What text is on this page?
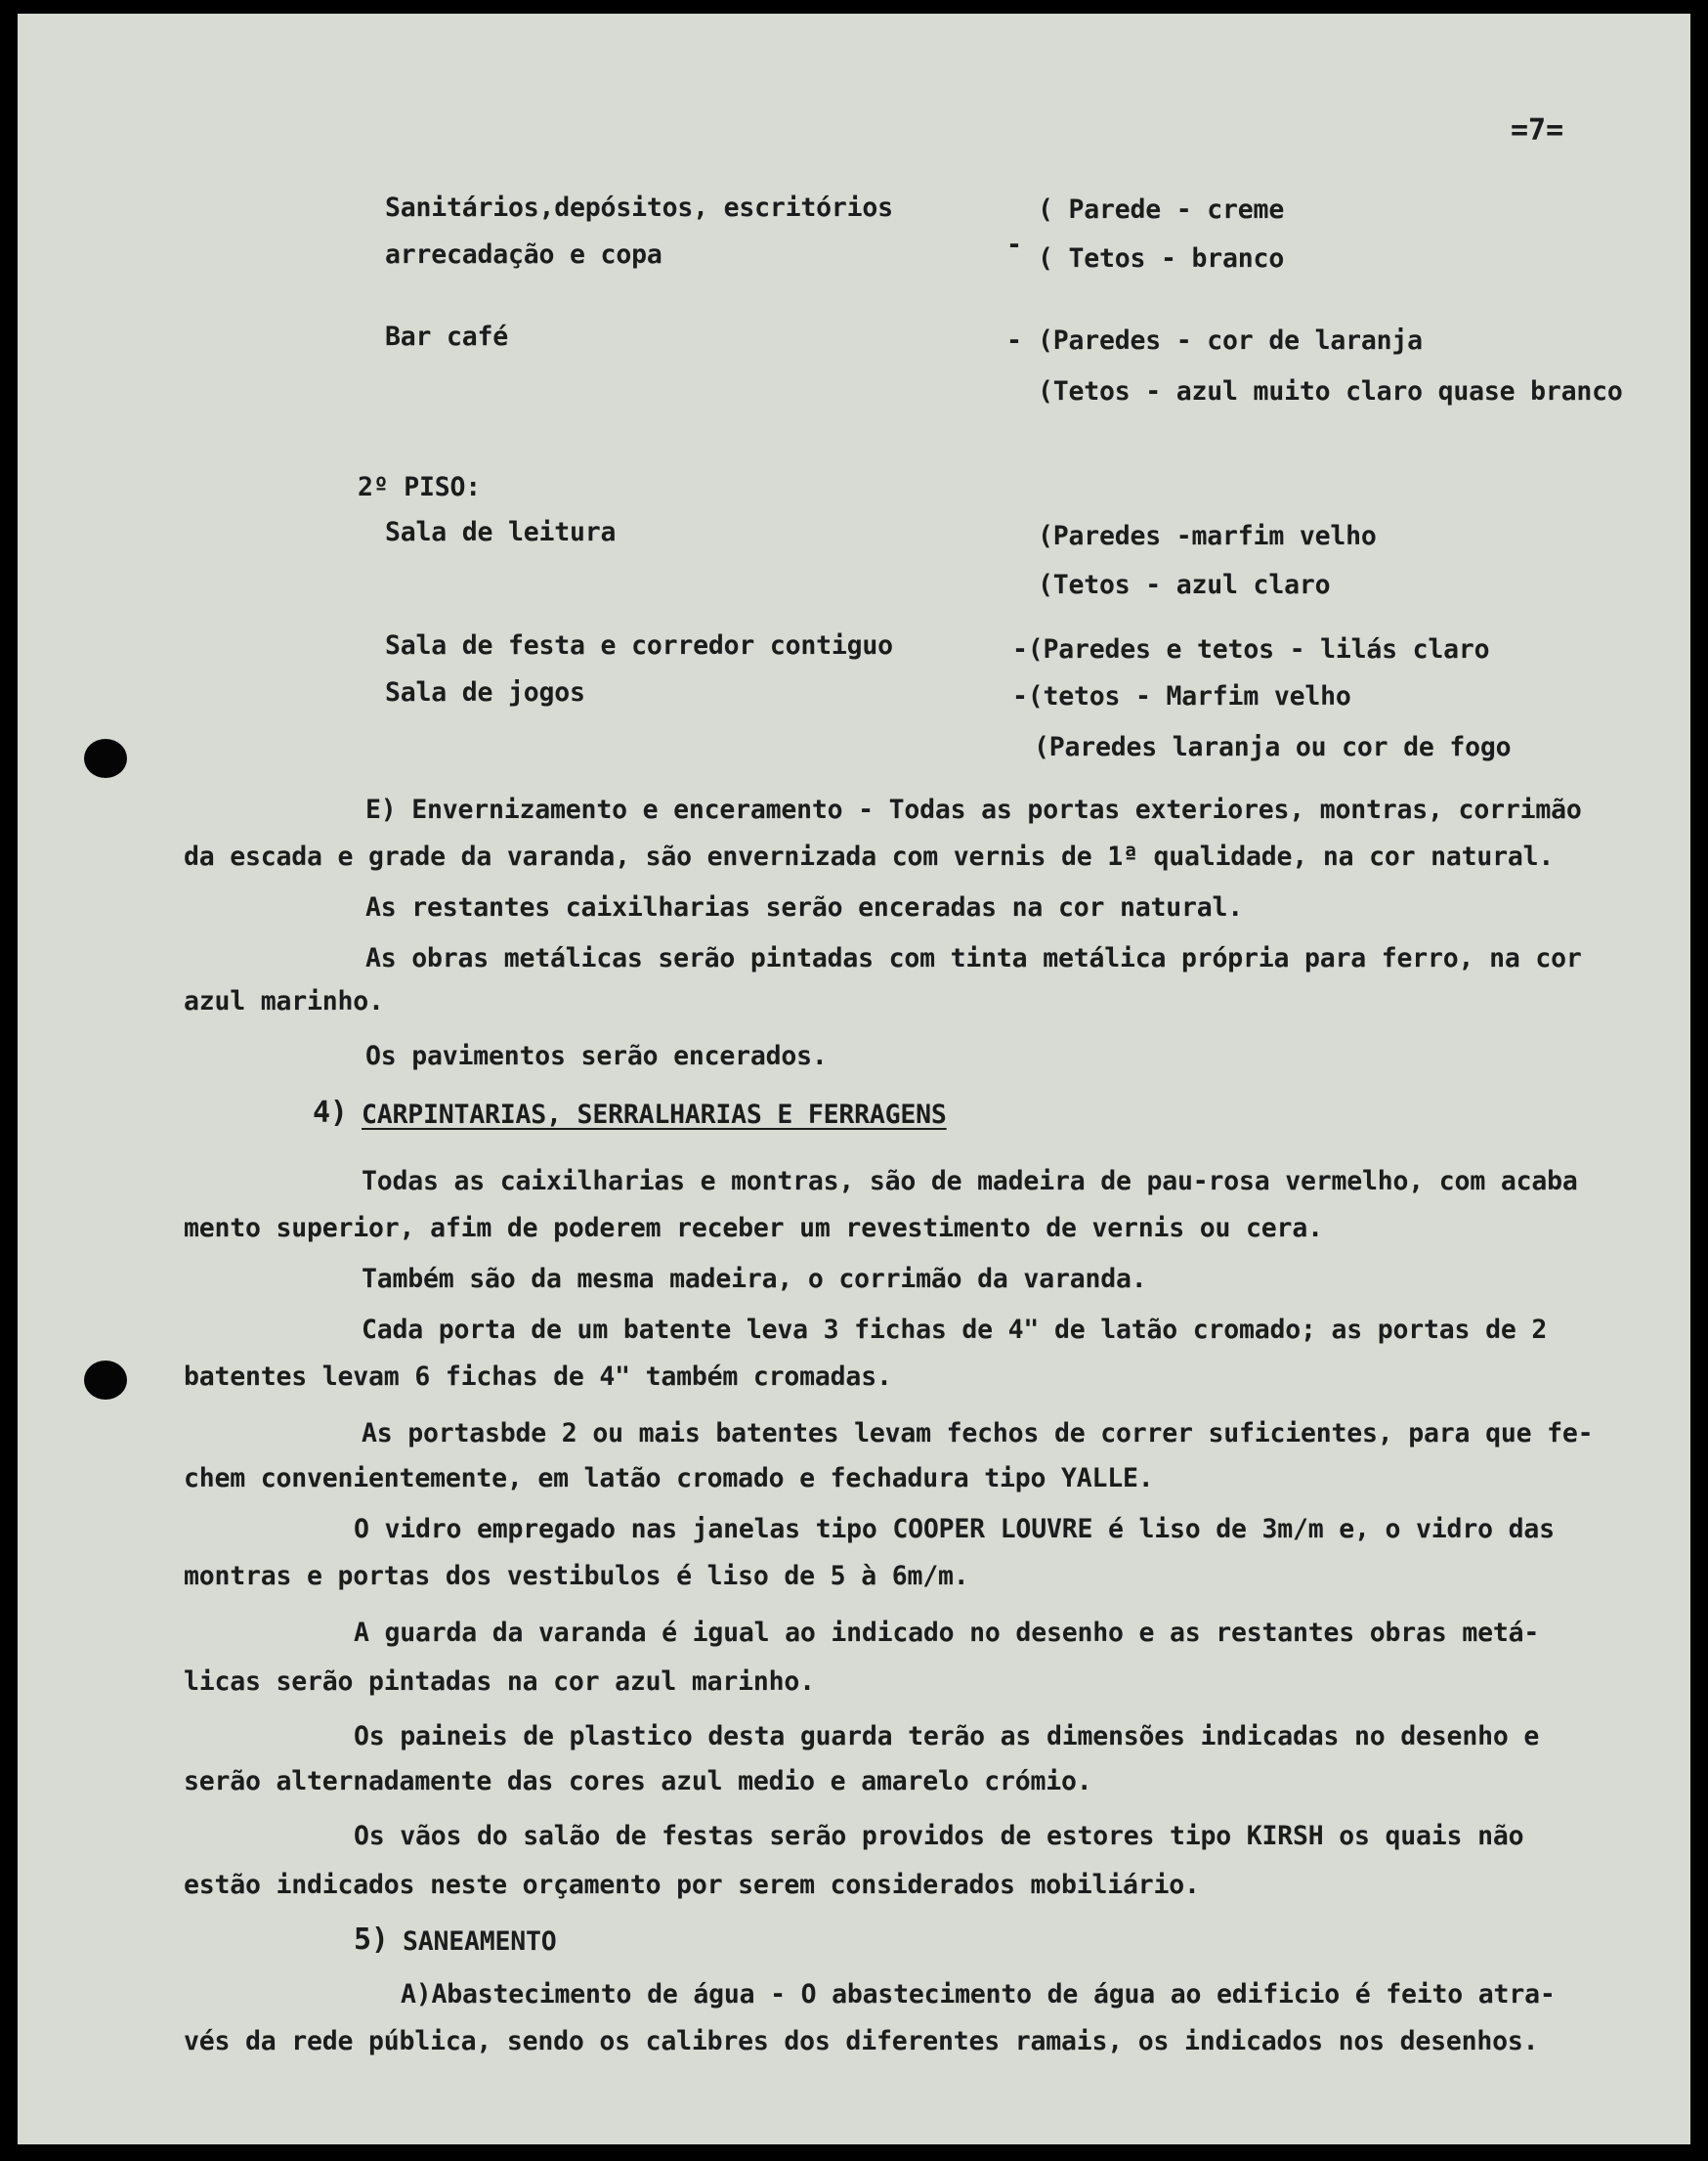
=7=
Sanitários,depósitos, escritórios	( Parede - creme
arrecadação e copa	- ( Tetos - branco
Bar café	- (Paredes - cor de laranja
(Tetos - azul muito claro quase branco
2º PISO:
Sala de leitura	(Paredes -marfim velho
(Tetos - azul claro
Sala de festa e corredor contiguo	-(Paredes e tetos - lilás claro
Sala de jogos	-(tetos - Marfim velho
(Paredes laranja ou cor de fogo
E) Envernizamento e enceramento - Todas as portas exteriores, montras, corrimão
da escada e grade da varanda, são envernizada com vernis de 1ª qualidade, na cor natural.
As restantes caixilharias serão enceradas na cor natural.
As obras metálicas serão pintadas com tinta metálica própria para ferro, na cor
azul marinho.
Os pavimentos serão encerados.
4) CARPINTARIAS, SERRALHARIAS E FERRAGENS
Todas as caixilharias e montras, são de madeira de pau-rosa vermelho, com acaba
mento superior, afim de poderem receber um revestimento de vernis ou cera.
Também são da mesma madeira, o corrimão da varanda.
Cada porta de um batente leva 3 fichas de 4" de latão cromado; as portas de 2
batentes levam 6 fichas de 4" também cromadas.
As portasbde 2 ou mais batentes levam fechos de correr suficientes, para que fe-
chem convenientemente, em latão cromado e fechadura tipo YALLE.
O vidro empregado nas janelas tipo COOPER LOUVRE é liso de 3m/m e, o vidro das
montras e portas dos vestibulos é liso de 5 à 6m/m.
A guarda da varanda é igual ao indicado no desenho e as restantes obras metá-
licas serão pintadas na cor azul marinho.
Os paineis de plastico desta guarda terão as dimensões indicadas no desenho e
serão alternadamente das cores azul medio e amarelo crómio.
Os vãos do salão de festas serão providos de estores tipo KIRSH os quais não
estão indicados neste orçamento por serem considerados mobiliário.
5) SANEAMENTO
A)Abastecimento de água - O abastecimento de água ao edificio é feito atra-
vés da rede pública, sendo os calibres dos diferentes ramais, os indicados nos desenhos.
